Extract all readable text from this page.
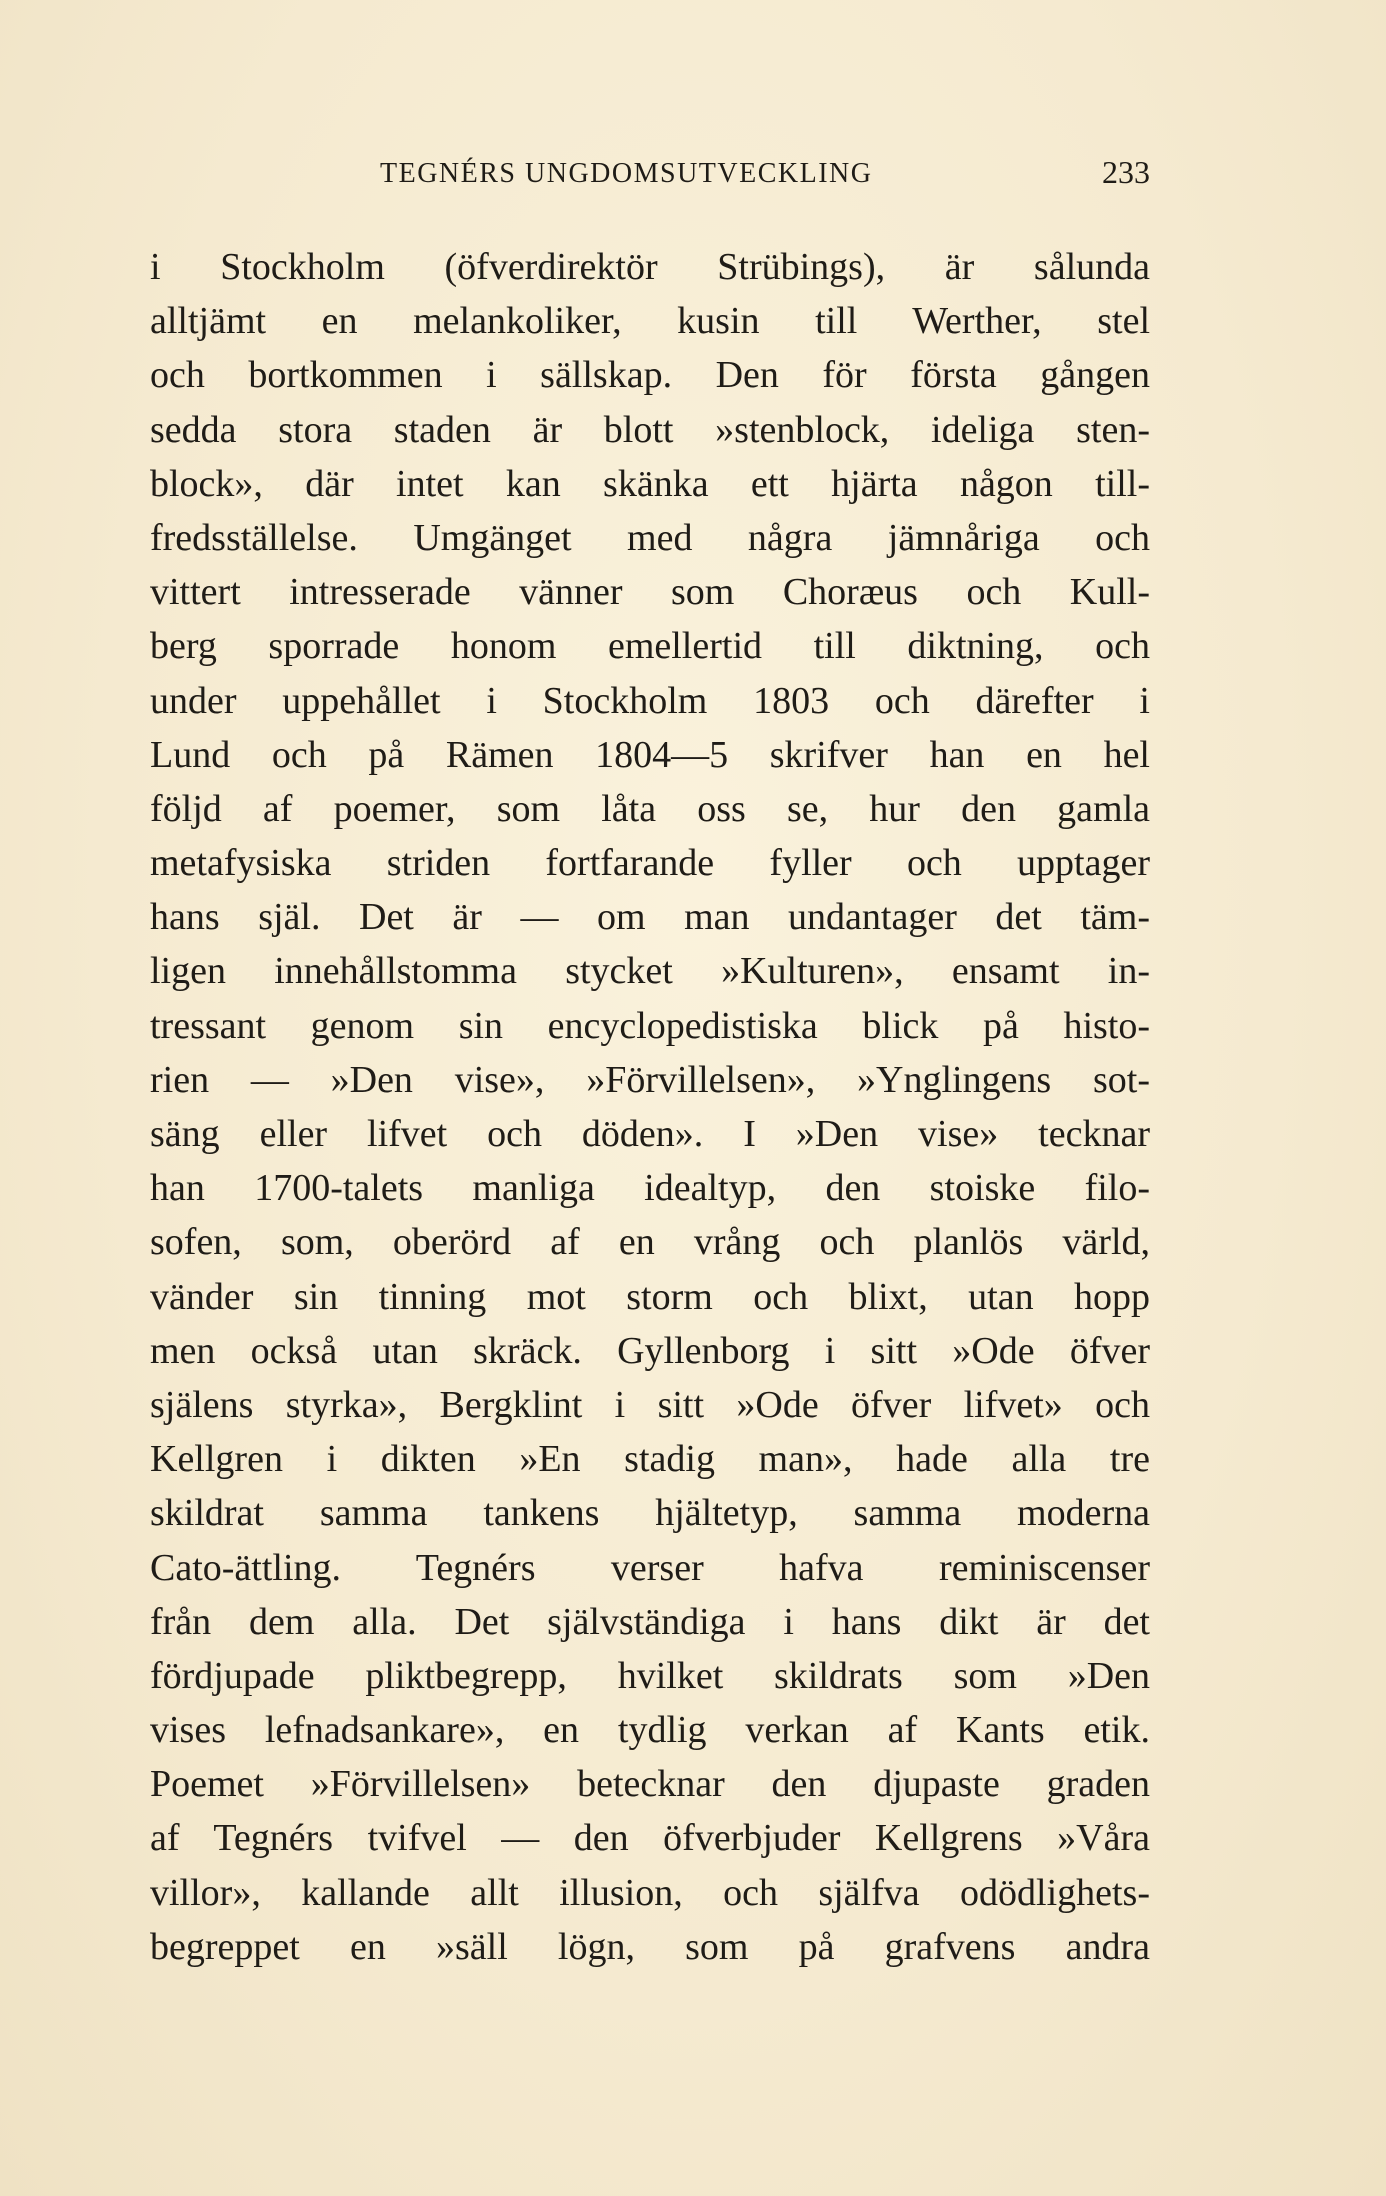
TEGNÉRS UNGDOMSUTVECKLING	233
i Stockholm (öfverdirektör Strübings), är sålunda
alltjämt en melankoliker, kusin till Werther, stel
och bortkommen i sällskap. Den för första gången
sedda stora staden är blott »stenblock, ideliga sten-
block», där intet kan skänka ett hjärta någon till-
fredsställelse. Umgänget med några jämnåriga och
vittert intresserade vänner som Choræus och Kull-
berg sporrade honom emellertid till diktning, och
under uppehållet i Stockholm 1803 och därefter i
Lund och på Rämen 1804—5 skrifver han en hel
följd af poemer, som låta oss se, hur den gamla
metafysiska striden fortfarande fyller och upptager
hans själ. Det är — om man undantager det täm-
ligen innehållstomma stycket »Kulturen», ensamt in-
tressant genom sin encyclopedistiska blick på histo-
rien — »Den vise», »Förvillelsen», »Ynglingens sot-
säng eller lifvet och döden». I »Den vise» tecknar
han 1700-talets manliga idealtyp, den stoiske filo-
sofen, som, oberörd af en vrång och planlös värld,
vänder sin tinning mot storm och blixt, utan hopp
men också utan skräck. Gyllenborg i sitt »Ode öfver
själens styrka», Bergklint i sitt »Ode öfver lifvet» och
Kellgren i dikten »En stadig man», hade alla tre
skildrat samma tankens hjältetyp, samma moderna
Cato-ättling. Tegnérs verser hafva reminiscenser
från dem alla. Det självständiga i hans dikt är det
fördjupade pliktbegrepp, hvilket skildrats som »Den
vises lefnadsankare», en tydlig verkan af Kants etik.
Poemet »Förvillelsen» betecknar den djupaste graden
af Tegnérs tvifvel — den öfverbjuder Kellgrens »Våra
villor», kallande allt illusion, och själfva odödlighets-
begreppet en »säll lögn, som på grafvens andra
